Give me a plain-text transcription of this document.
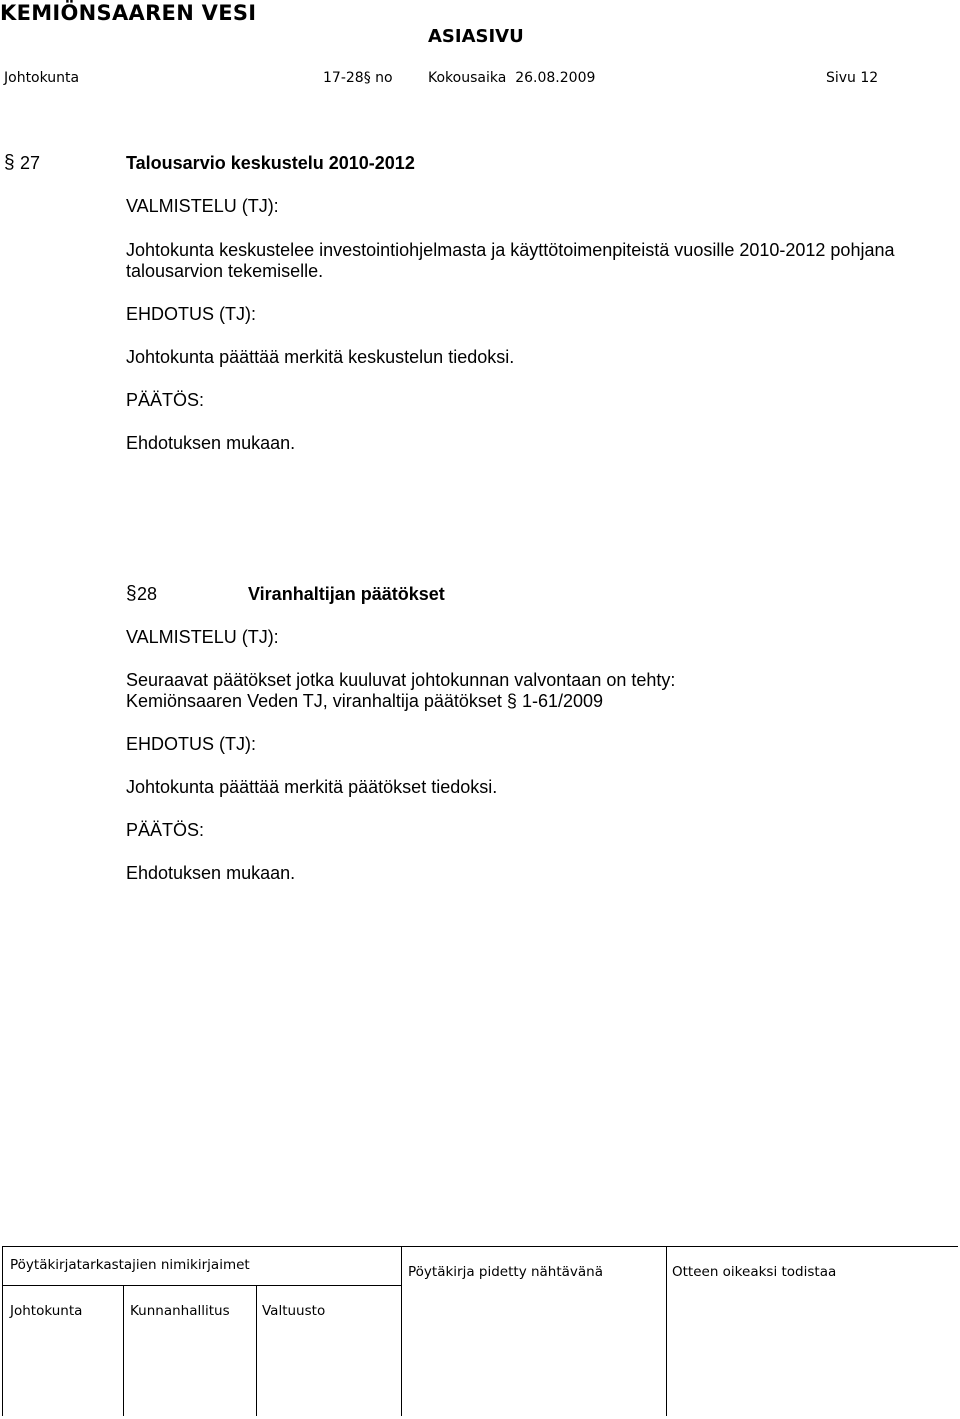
KEMIÖNSAAREN VESI
ASIASIVU
Johtokunta	17-28§ no	Kokousaika 26.08.2009	Sivu 12
§ 27	Talousarvio keskustelu 2010-2012
VALMISTELU (TJ):
Johtokunta keskustelee investointiohjelmasta ja käyttötoimenpiteistä vuosille 2010-2012 pohjana
talousarvion tekemiselle.
EHDOTUS (TJ):
Johtokunta päättää merkitä keskustelun tiedoksi.
PÄÄTÖS:
Ehdotuksen mukaan.
§ 28	Viranhaltijan päätökset
VALMISTELU (TJ):
Seuraavat päätökset jotka kuuluvat johtokunnan valvontaan on tehty:
Kemiönsaaren Veden TJ, viranhaltija päätökset § 1-61/2009
EHDOTUS (TJ):
Johtokunta päättää merkitä päätökset tiedoksi.
PÄÄTÖS:
Ehdotuksen mukaan.
Pöytäkirjatarkastajien nimikirjaimet	Pöytäkirja pidetty nähtävänä	Otteen oikeaksi todistaa
Johtokunta	Kunnanhallitus Valtuusto
